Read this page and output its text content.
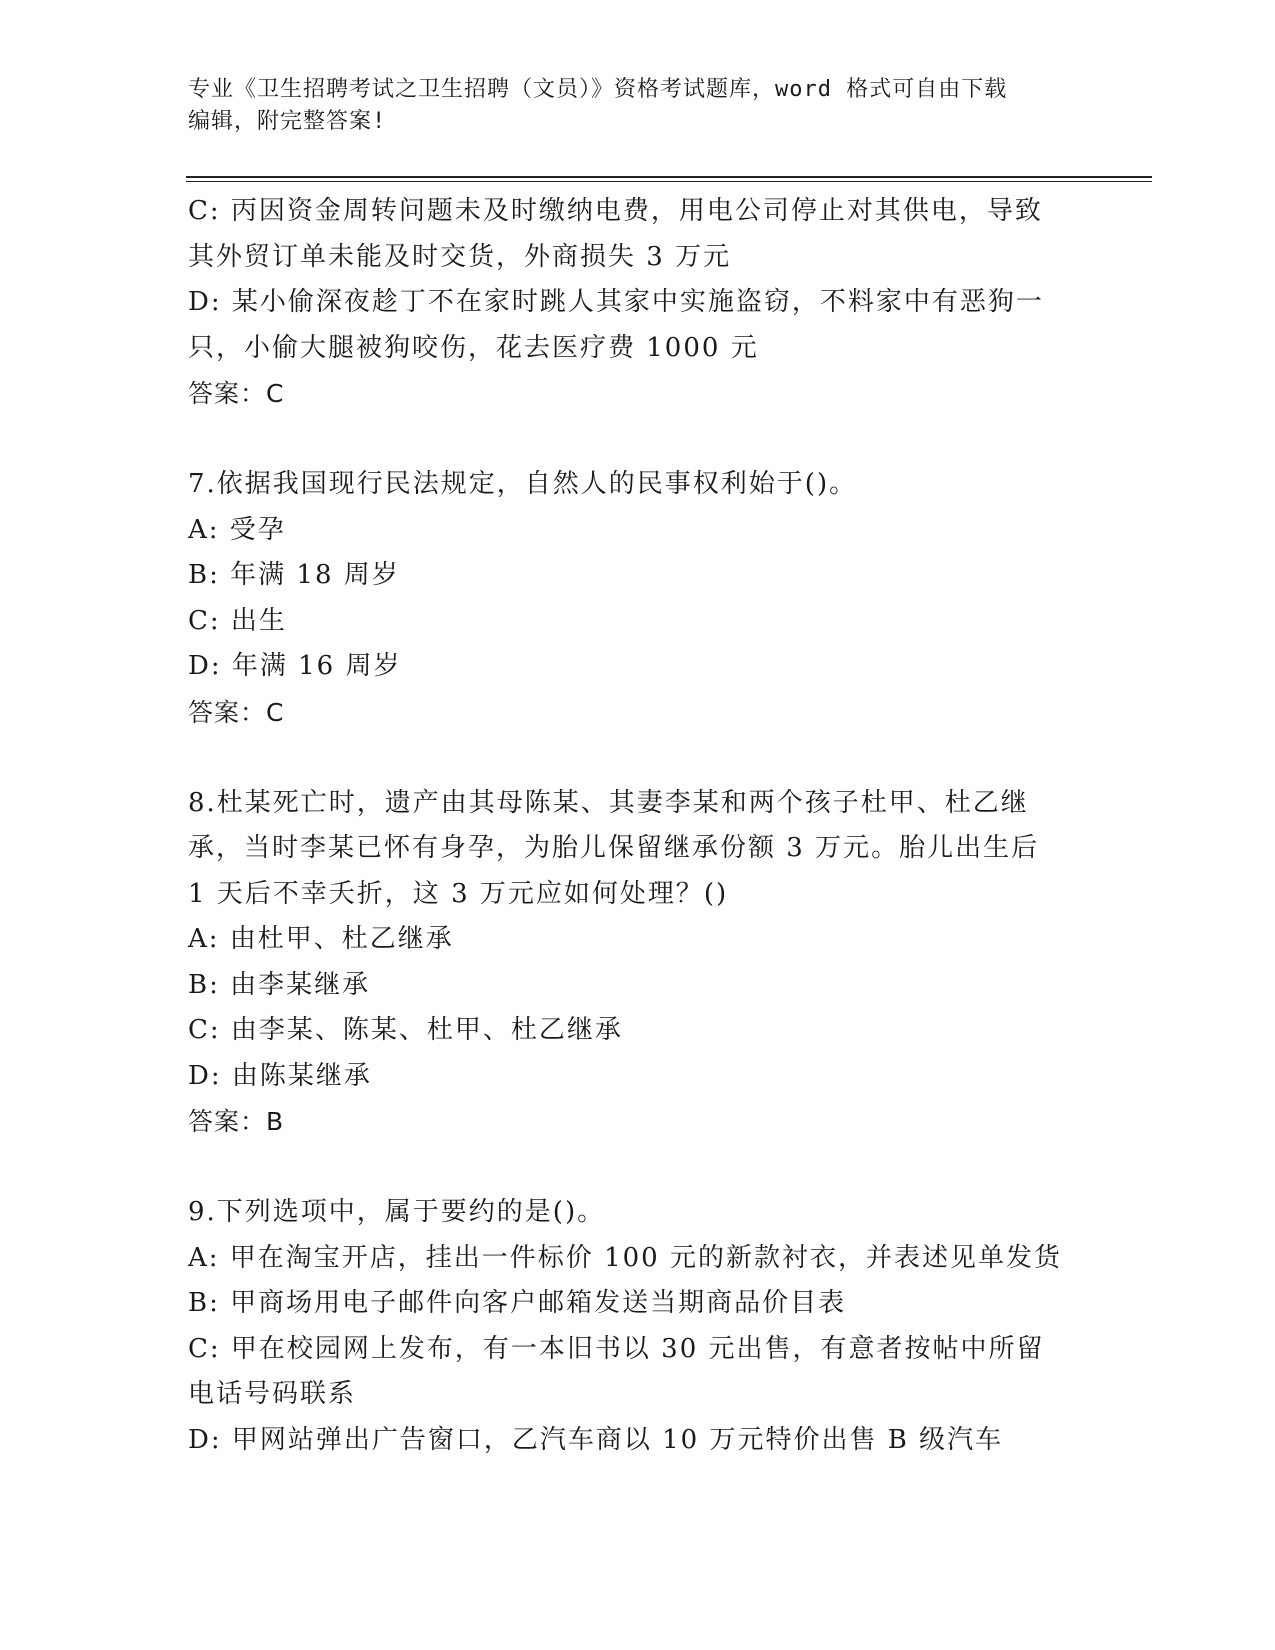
专业《卫生招聘考试之卫生招聘（文员）》资格考试题库，word 格式可自由下载
编辑，附完整答案!
C: 丙因资金周转问题未及时缴纳电费，用电公司停止对其供电，导致
其外贸订单未能及时交货，外商损失 3 万元
D: 某小偷深夜趁丁不在家时跳人其家中实施盗窃，不料家中有恶狗一
只，小偷大腿被狗咬伤，花去医疗费 1000 元
答案：C
7.依据我国现行民法规定，自然人的民事权利始于()。
A: 受孕
B: 年满 18 周岁
C: 出生
D: 年满 16 周岁
答案：C
8.杜某死亡时，遗产由其母陈某、其妻李某和两个孩子杜甲、杜乙继
承，当时李某已怀有身孕，为胎儿保留继承份额 3 万元。胎儿出生后
1 天后不幸夭折，这 3 万元应如何处理？()
A: 由杜甲、杜乙继承
B: 由李某继承
C: 由李某、陈某、杜甲、杜乙继承
D: 由陈某继承
答案：B
9.下列选项中，属于要约的是()。
A: 甲在淘宝开店，挂出一件标价 100 元的新款衬衣，并表述见单发货
B: 甲商场用电子邮件向客户邮箱发送当期商品价目表
C: 甲在校园网上发布，有一本旧书以 30 元出售，有意者按帖中所留
电话号码联系
D: 甲网站弹出广告窗口，乙汽车商以 10 万元特价出售 B 级汽车
